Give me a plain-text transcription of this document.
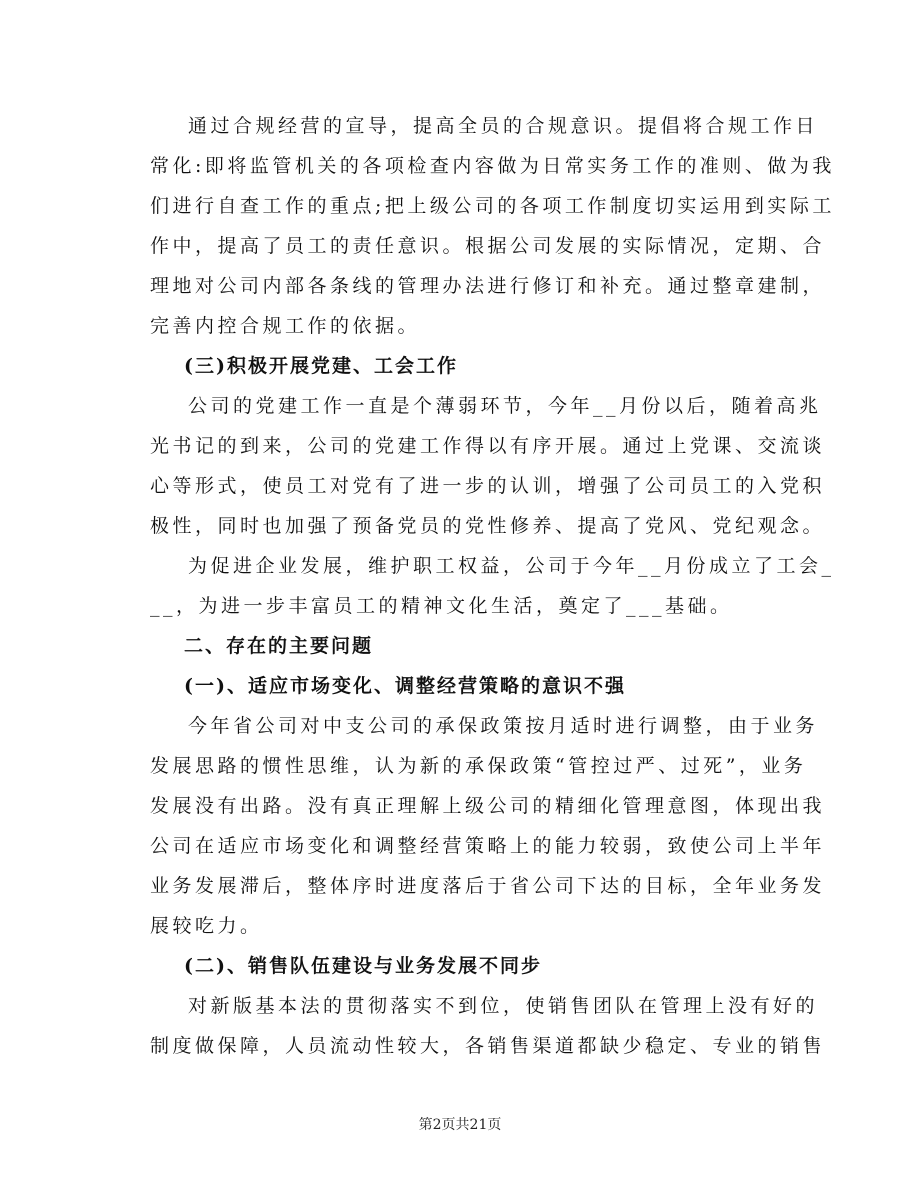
通过合规经营的宣导，提高全员的合规意识。提倡将合规工作日
常化:即将监管机关的各项检查内容做为日常实务工作的准则、做为我
们进行自查工作的重点;把上级公司的各项工作制度切实运用到实际工
作中，提高了员工的责任意识。根据公司发展的实际情况，定期、合
理地对公司内部各条线的管理办法进行修订和补充。通过整章建制，
完善内控合规工作的依据。
(三)积极开展党建、工会工作
公司的党建工作一直是个薄弱环节，今年__月份以后，随着高兆
光书记的到来，公司的党建工作得以有序开展。通过上党课、交流谈
心等形式，使员工对党有了进一步的认训，增强了公司员工的入党积
极性，同时也加强了预备党员的党性修养、提高了党风、党纪观念。
为促进企业发展，维护职工权益，公司于今年__月份成立了工会_
__，为进一步丰富员工的精神文化生活，奠定了___基础。
二、存在的主要问题
(一)、适应市场变化、调整经营策略的意识不强
今年省公司对中支公司的承保政策按月适时进行调整，由于业务
发展思路的惯性思维，认为新的承保政策“管控过严、过死”，业务
发展没有出路。没有真正理解上级公司的精细化管理意图，体现出我
公司在适应市场变化和调整经营策略上的能力较弱，致使公司上半年
业务发展滞后，整体序时进度落后于省公司下达的目标，全年业务发
展较吃力。
(二)、销售队伍建设与业务发展不同步
对新版基本法的贯彻落实不到位，使销售团队在管理上没有好的
制度做保障，人员流动性较大，各销售渠道都缺少稳定、专业的销售
第2页共21页
